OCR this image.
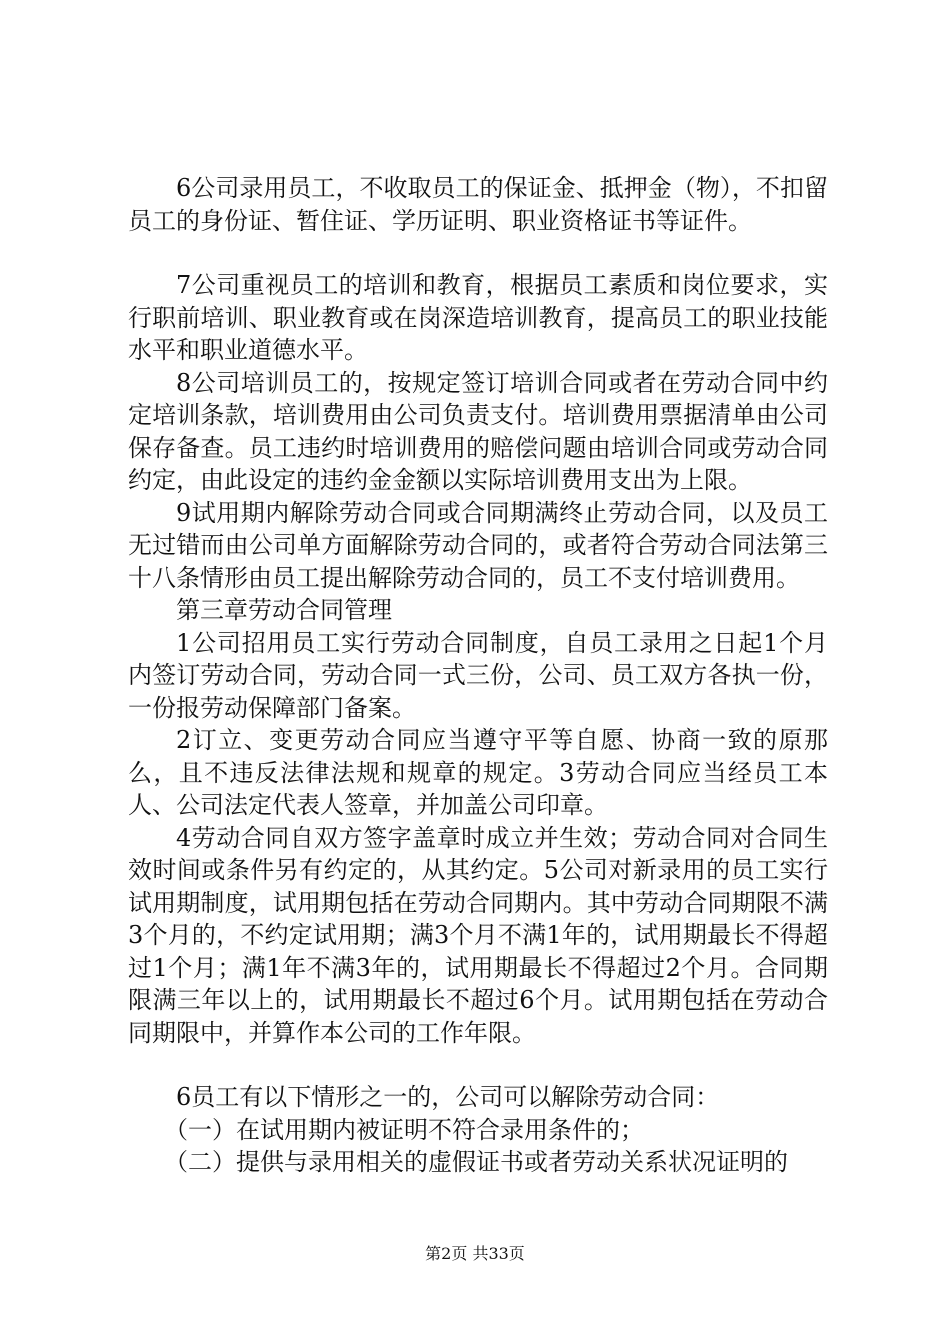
6公司录用员工，不收取员工的保证金、抵押金（物），不扣留员工的身份证、暂住证、学历证明、职业资格证书等证件。

7公司重视员工的培训和教育，根据员工素质和岗位要求，实行职前培训、职业教育或在岗深造培训教育，提高员工的职业技能水平和职业道德水平。

8公司培训员工的，按规定签订培训合同或者在劳动合同中约定培训条款，培训费用由公司负责支付。培训费用票据清单由公司保存备查。员工违约时培训费用的赔偿问题由培训合同或劳动合同约定，由此设定的违约金金额以实际培训费用支出为上限。

9试用期内解除劳动合同或合同期满终止劳动合同，以及员工无过错而由公司单方面解除劳动合同的，或者符合劳动合同法第三十八条情形由员工提出解除劳动合同的，员工不支付培训费用。

第三章劳动合同管理

1公司招用员工实行劳动合同制度，自员工录用之日起1个月内签订劳动合同，劳动合同一式三份，公司、员工双方各执一份，一份报劳动保障部门备案。

2订立、变更劳动合同应当遵守平等自愿、协商一致的原那么，且不违反法律法规和规章的规定。3劳动合同应当经员工本人、公司法定代表人签章，并加盖公司印章。

4劳动合同自双方签字盖章时成立并生效；劳动合同对合同生效时间或条件另有约定的，从其约定。5公司对新录用的员工实行试用期制度，试用期包括在劳动合同期内。其中劳动合同期限不满3个月的，不约定试用期；满3个月不满1年的，试用期最长不得超过1个月；满1年不满3年的，试用期最长不得超过2个月。合同期限满三年以上的，试用期最长不超过6个月。试用期包括在劳动合同期限中，并算作本公司的工作年限。

6员工有以下情形之一的，公司可以解除劳动合同：

（一）在试用期内被证明不符合录用条件的；

（二）提供与录用相关的虚假证书或者劳动关系状况证明的

第2页 共33页
